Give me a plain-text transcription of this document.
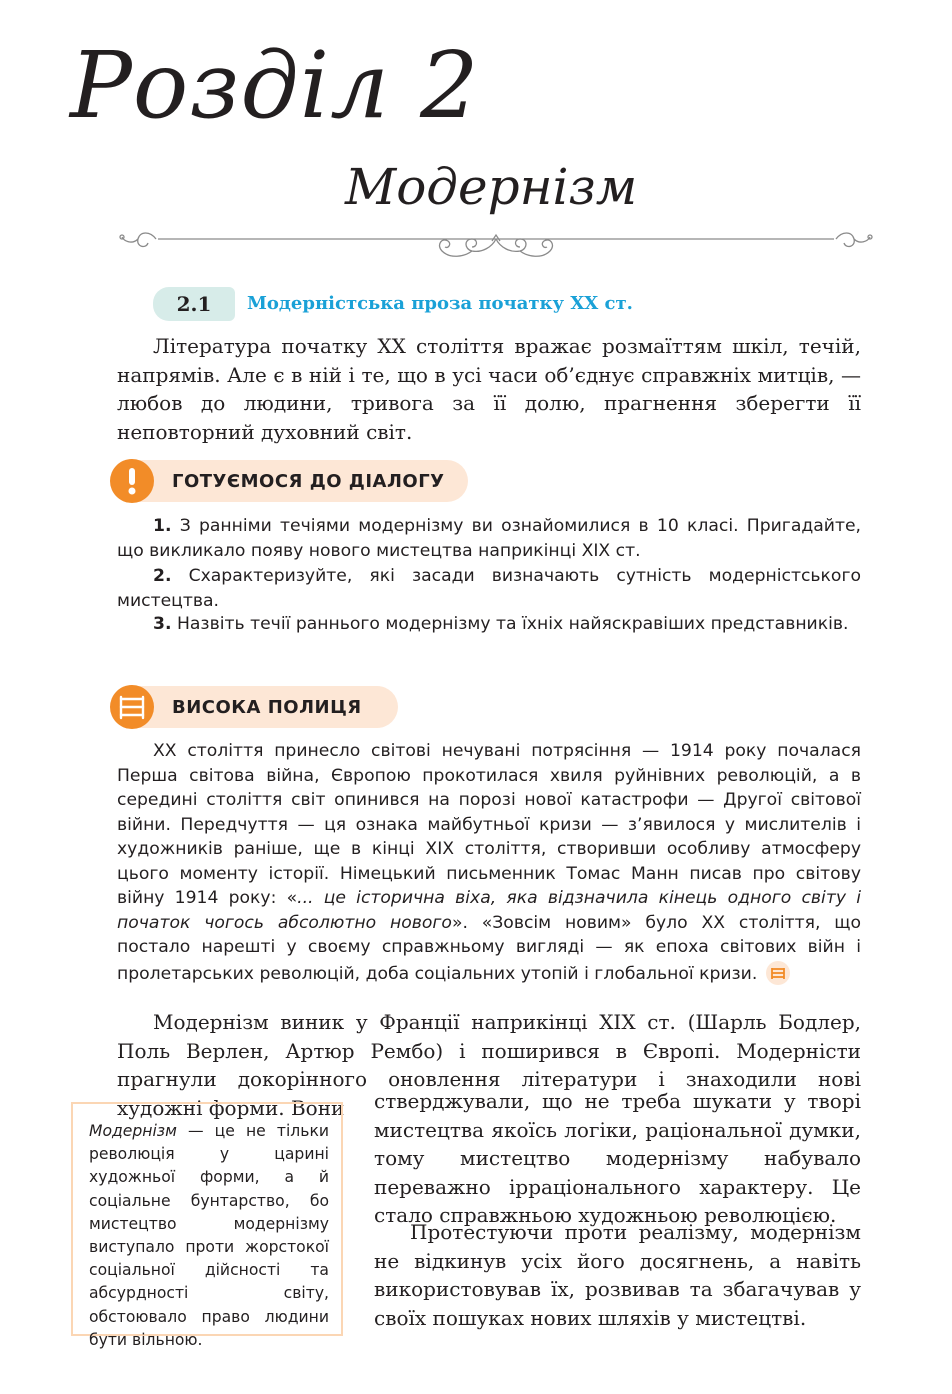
Розділ 2
Модернізм
2.1	Модерністська проза початку XX ст.

Література початку XX століття вражає розмаїттям шкіл, течій, напрямів. Але є в ній і те, що в усі часи об’єднує справжніх митців, — любов до людини, тривога за її долю, прагнення зберегти її неповторний духовний світ.

ГОТУЄМОСЯ ДО ДІАЛОГУ

1. З ранніми течіями модернізму ви ознайомилися в 10 класі. Пригадайте, що викликало появу нового мистецтва наприкінці XIX ст.

2. Схарактеризуйте, які засади визначають сутність модерністського мистецтва.

3. Назвіть течії раннього модернізму та їхніх найяскравіших представників.

ВИСОКА ПОЛИЦЯ

XX століття принесло світові нечувані потрясіння — 1914 року почалася Перша світова війна, Європою прокотилася хвиля руйнівних революцій, а в середині століття світ опинився на порозі нової катастрофи — Другої світової війни. Передчуття — ця ознака майбутньої кризи — з’явилося у мислителів і художників раніше, ще в кінці XIX століття, створивши особливу атмосферу цього моменту історії. Німецький письменник Томас Манн писав про світову війну 1914 року: «... це історична віха, яка відзначила кінець одного світу і початок чогось абсолютно нового». «Зовсім новим» було XX століття, що постало нарешті у своєму справжньому вигляді — як епоха світових війн і пролетарських революцій, доба соціальних утопій і глобальної кризи.

Модернізм виник у Франції наприкінці XIX ст. (Шарль Бодлер, Поль Верлен, Артюр Рембо) і поширився в Європі. Модерністи прагнули докорінного оновлення літератури і знаходили нові художні форми. Вони	стверджували, що не треба шукати у творі мистецтва якоїсь логіки, раціональної думки, тому мистецтво модернізму набувало переважно ірраціонального характеру. Це стало справжньою художньою революцією.

Протестуючи проти реалізму, модернізм не відкинув усіх його досягнень, а навіть використовував їх, розвивав та збагачував у своїх пошуках нових шляхів у мистецтві.

Модернізм — це не тільки революція у царині художньої форми, а й соціальне бунтарство, бо мистецтво модернізму виступало проти жорстокої соціальної дійсності та абсурдності світу, обстоювало право людини бути вільною.
